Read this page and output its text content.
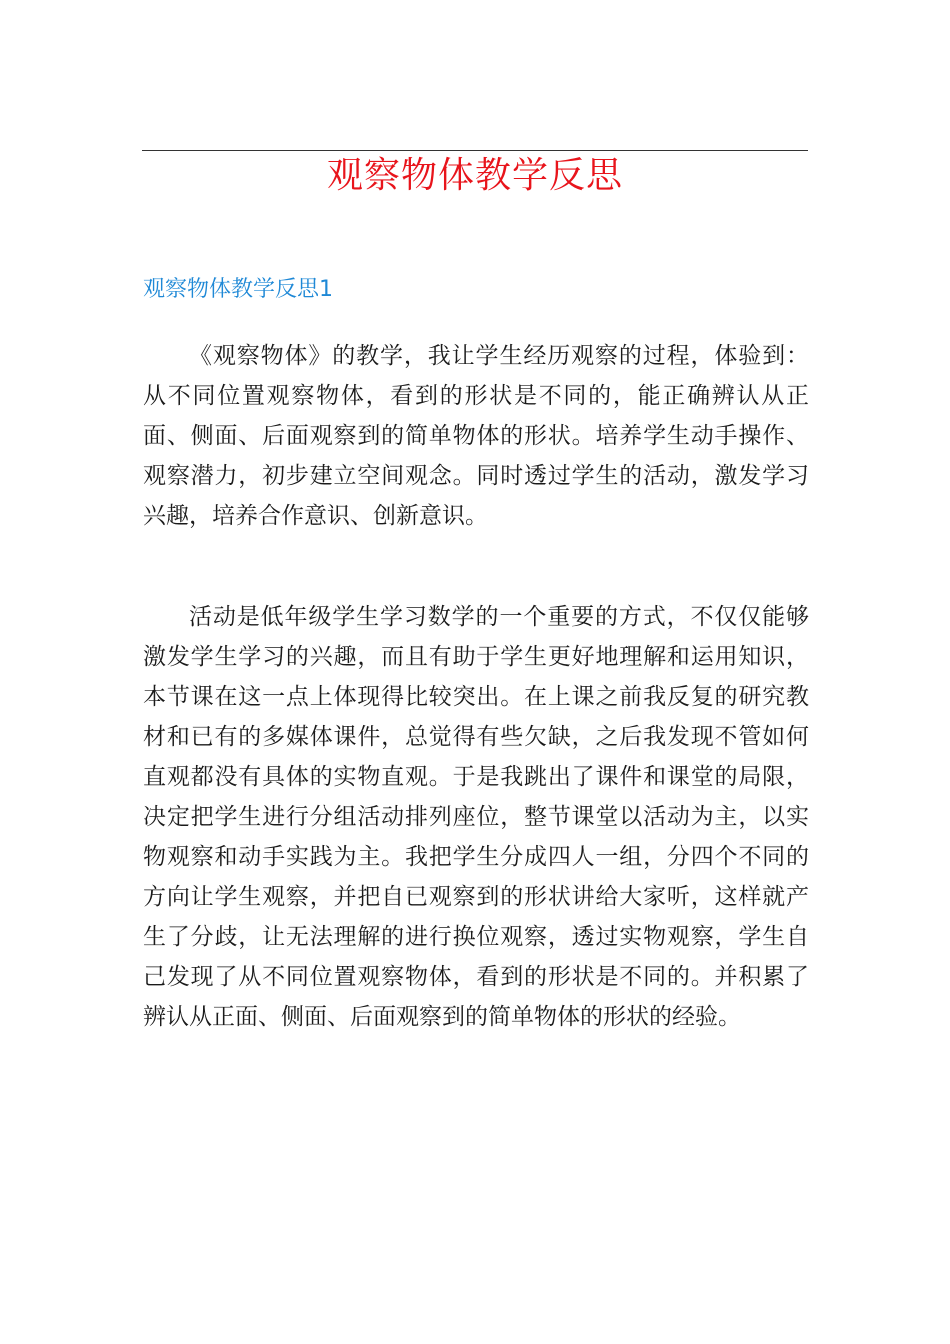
观察物体教学反思
观察物体教学反思1

《观察物体》的教学，我让学生经历观察的过程，体验到：从不同位置观察物体，看到的形状是不同的，能正确辨认从正面、侧面、后面观察到的简单物体的形状。培养学生动手操作、观察潜力，初步建立空间观念。同时透过学生的活动，激发学习兴趣，培养合作意识、创新意识。

活动是低年级学生学习数学的一个重要的方式，不仅仅能够激发学生学习的兴趣，而且有助于学生更好地理解和运用知识，本节课在这一点上体现得比较突出。在上课之前我反复的研究教材和已有的多媒体课件，总觉得有些欠缺，之后我发现不管如何直观都没有具体的实物直观。于是我跳出了课件和课堂的局限，决定把学生进行分组活动排列座位，整节课堂以活动为主，以实物观察和动手实践为主。我把学生分成四人一组，分四个不同的方向让学生观察，并把自已观察到的形状讲给大家听，这样就产生了分歧，让无法理解的进行换位观察，透过实物观察，学生自己发现了从不同位置观察物体，看到的形状是不同的。并积累了辨认从正面、侧面、后面观察到的简单物体的形状的经验。
